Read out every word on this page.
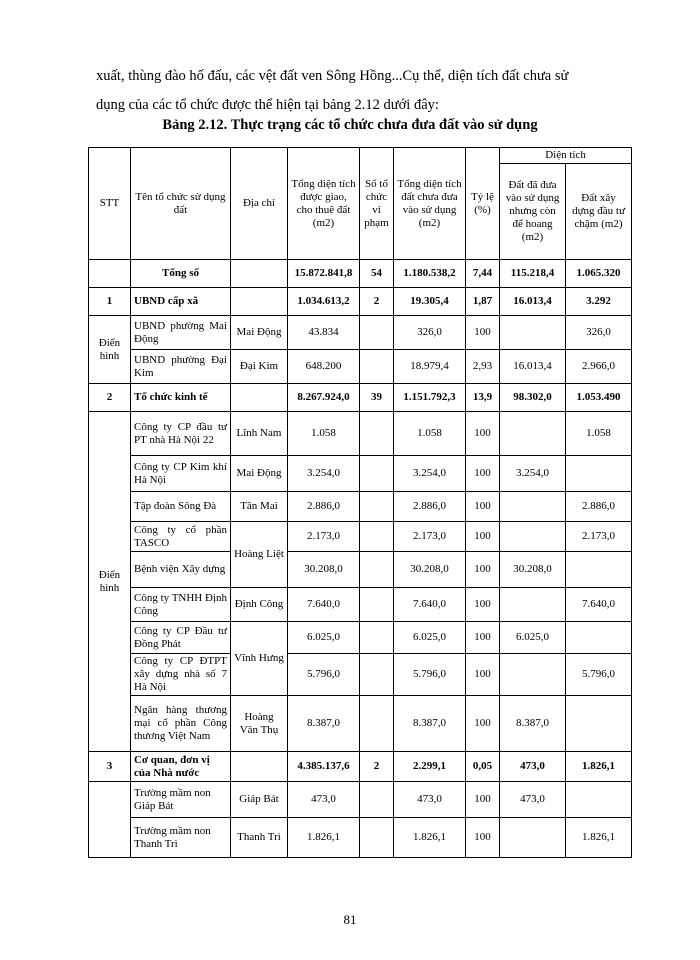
xuất, thùng đào hố đấu, các vệt đất ven Sông Hồng...Cụ thể, diện tích đất chưa sử
dụng của các tổ chức được thể hiện tại bảng 2.12 dưới đây:

Bảng 2.12. Thực trạng các tổ chức chưa đưa đất vào sử dụng

STT	Tên tổ chức sử dụng đất	Địa chỉ	Tổng diện tích được giao, cho thuê đất (m2)	Số tổ chức vi phạm	Tổng diện tích đất chưa đưa vào sử dụng (m2)	Tỷ lệ (%)	Diện tích	
							Đất đã đưa vào sử dụng nhưng còn để hoang (m2)	Đất xây dựng đầu tư chậm (m2)
	Tổng số		15.872.841,8	54	1.180.538,2	7,44	115.218,4	1.065.320
1	UBND cấp xã		1.034.613,2	2	19.305,4	1,87	16.013,4	3.292
Điển hình	UBND phường Mai Động	Mai Động	43.834		326,0	100		326,0
	UBND phường Đại Kim	Đại Kim	648.200		18.979,4	2,93	16.013,4	2.966,0
2	Tổ chức kinh tế		8.267.924,0	39	1.151.792,3	13,9	98.302,0	1.053.490
Điển hình	Công ty CP đầu tư PT nhà Hà Nội 22	Lĩnh Nam	1.058		1.058	100		1.058
	Công ty CP Kim khí Hà Nội	Mai Động	3.254,0		3.254,0	100	3.254,0	
	Tập đoàn Sông Đà	Tân Mai	2.886,0		2.886,0	100		2.886,0
	Công ty cổ phần TASCO	Hoàng Liệt	2.173,0		2.173,0	100		2.173,0
	Bệnh viện Xây dựng		30.208,0		30.208,0	100	30.208,0	
	Công ty TNHH Định Công	Định Công	7.640,0		7.640,0	100		7.640,0
	Công ty CP Đầu tư Đồng Phát	Vĩnh Hưng	6.025,0		6.025,0	100	6.025,0	
	Công ty CP ĐTPT xây dựng nhà số 7 Hà Nội		5.796,0		5.796,0	100		5.796,0
	Ngân hàng thương mại cổ phần Công thương Việt Nam	Hoàng Văn Thụ	8.387,0		8.387,0	100	8.387,0	
3	Cơ quan, đơn vị của Nhà nước		4.385.137,6	2	2.299,1	0,05	473,0	1.826,1
	Trường mầm non Giáp Bát	Giáp Bát	473,0		473,0	100	473,0	
	Trường mầm non Thanh Trì	Thanh Trì	1.826,1		1.826,1	100		1.826,1
81
